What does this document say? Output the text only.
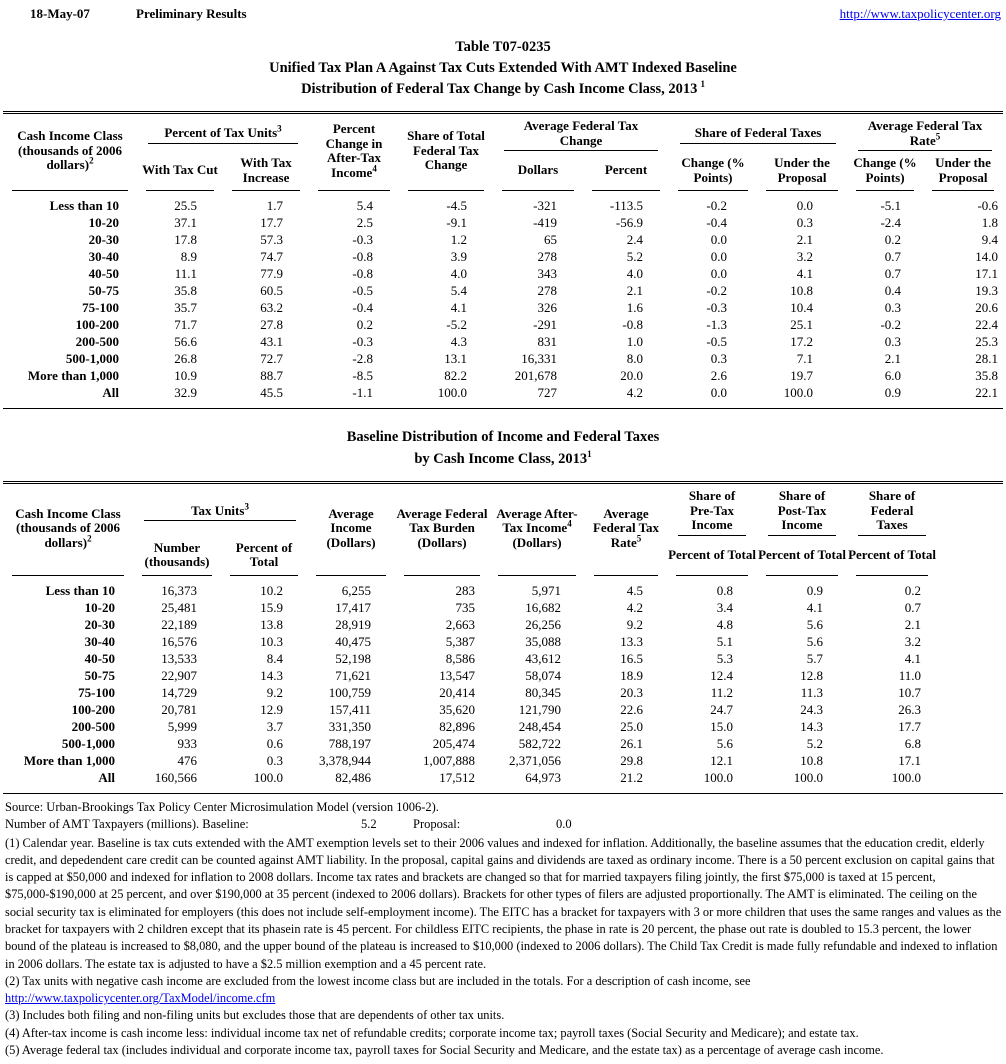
18-May-07	Preliminary Results	http://www.taxpolicycenter.org
Table T07-0235
Unified Tax Plan A Against Tax Cuts Extended With AMT Indexed Baseline
Distribution of Federal Tax Change by Cash Income Class, 2013 $^1$
Cash Income Class (thousands of 2006 dollars)$^2$	Percent of Tax Units$^3$		Percent Change in After-Tax Income$^4$	Share of Total Federal Tax Change	Average Federal Tax Change		Share of Federal Taxes		Average Federal Tax Rate$^5$

	With Tax Cut	With Tax Increase			Dollars	Percent	Change (% Points)	Under the Proposal	Change (% Points)	Under the Proposal

Less than 10	25.5	1.7	5.4	-4.5	-321	-113.5	-0.2	0.0	-5.1	-0.6
10-20	37.1	17.7	2.5	-9.1	-419	-56.9	-0.4	0.3	-2.4	1.8
20-30	17.8	57.3	-0.3	1.2	65	2.4	0.0	2.1	0.2	9.4
30-40	8.9	74.7	-0.8	3.9	278	5.2	0.0	3.2	0.7	14.0
40-50	11.1	77.9	-0.8	4.0	343	4.0	0.0	4.1	0.7	17.1
50-75	35.8	60.5	-0.5	5.4	278	2.1	-0.2	10.8	0.4	19.3
75-100	35.7	63.2	-0.4	4.1	326	1.6	-0.3	10.4	0.3	20.6
100-200	71.7	27.8	0.2	-5.2	-291	-0.8	-1.3	25.1	-0.2	22.4
200-500	56.6	43.1	-0.3	4.3	831	1.0	-0.5	17.2	0.3	25.3
500-1,000	26.8	72.7	-2.8	13.1	16,331	8.0	0.3	7.1	2.1	28.1
More than 1,000	10.9	88.7	-8.5	82.2	201,678	20.0	2.6	19.7	6.0	35.8
All	32.9	45.5	-1.1	100.0	727	4.2	0.0	100.0	0.9	22.1
Baseline Distribution of Income and Federal Taxes
by Cash Income Class, 2013$^1$
Cash Income Class (thousands of 2006 dollars)$^2$	Tax Units$^3$		Average Income (Dollars)	Average Federal Tax Burden (Dollars)	Average After-Tax Income$^4$ (Dollars)	Average Federal Tax Rate$^5$	Share of Pre-Tax Income	Share of Post-Tax Income	Share of Federal Taxes	

	Number (thousands)	Percent of Total					Percent of Total	Percent of Total	Percent of Total	

Less than 10	16,373	10.2	6,255	283	5,971	4.5	0.8	0.9	0.2	
10-20	25,481	15.9	17,417	735	16,682	4.2	3.4	4.1	0.7	
20-30	22,189	13.8	28,919	2,663	26,256	9.2	4.8	5.6	2.1	
30-40	16,576	10.3	40,475	5,387	35,088	13.3	5.1	5.6	3.2	
40-50	13,533	8.4	52,198	8,586	43,612	16.5	5.3	5.7	4.1	
50-75	22,907	14.3	71,621	13,547	58,074	18.9	12.4	12.8	11.0	
75-100	14,729	9.2	100,759	20,414	80,345	20.3	11.2	11.3	10.7	
100-200	20,781	12.9	157,411	35,620	121,790	22.6	24.7	24.3	26.3	
200-500	5,999	3.7	331,350	82,896	248,454	25.0	15.0	14.3	17.7	
500-1,000	933	0.6	788,197	205,474	582,722	26.1	5.6	5.2	6.8	
More than 1,000	476	0.3	3,378,944	1,007,888	2,371,056	29.8	12.1	10.8	17.1	
All	160,566	100.0	82,486	17,512	64,973	21.2	100.0	100.0	100.0	
Source: Urban-Brookings Tax Policy Center Microsimulation Model (version 1006-2).
Number of AMT Taxpayers (millions). Baseline:	5.2	Proposal:	0.0
(1) Calendar year. Baseline is tax cuts extended with the AMT exemption levels set to their 2006 values and indexed for inflation. Additionally, the baseline assumes that the education credit, elderly credit, and depedendent care credit can be counted against AMT liability. In the proposal, capital gains and dividends are taxed as ordinary income. There is a 50 percent exclusion on capital gains that is capped at $50,000 and indexed for inflation to 2008 dollars. Income tax rates and brackets are changed so that for married taxpayers filing jointly, the first $75,000 is taxed at 15 percent, $75,000-$190,000 at 25 percent, and over $190,000 at 35 percent (indexed to 2006 dollars). Brackets for other types of filers are adjusted proportionally. The AMT is eliminated. The ceiling on the social security tax is eliminated for employers (this does not include self-employment income). The EITC has a bracket for taxpayers with 3 or more children that uses the same ranges and values as the bracket for taxpayers with 2 children except that its phasein rate is 45 percent. For childless EITC recipients, the phase in rate is 20 percent, the phase out rate is doubled to 15.3 percent, the lower bound of the plateau is increased to $8,080, and the upper bound of the plateau is increased to $10,000 (indexed to 2006 dollars). The Child Tax Credit is made fully refundable and indexed to inflation in 2006 dollars. The estate tax is adjusted to have a $2.5 million exemption and a 45 percent rate.
(2) Tax units with negative cash income are excluded from the lowest income class but are included in the totals. For a description of cash income, see
http://www.taxpolicycenter.org/TaxModel/income.cfm
(3) Includes both filing and non-filing units but excludes those that are dependents of other tax units.
(4) After-tax income is cash income less: individual income tax net of refundable credits; corporate income tax; payroll taxes (Social Security and Medicare); and estate tax.
(5) Average federal tax (includes individual and corporate income tax, payroll taxes for Social Security and Medicare, and the estate tax) as a percentage of average cash income.
